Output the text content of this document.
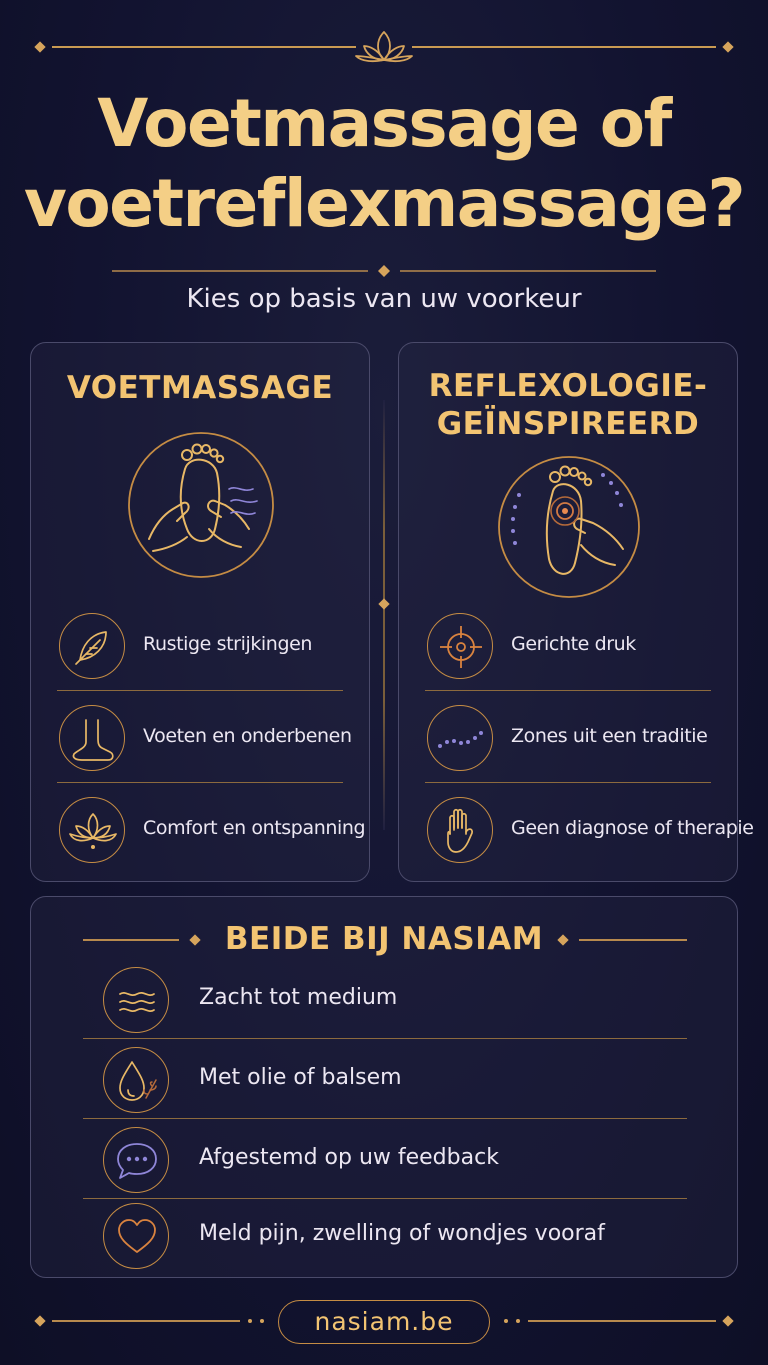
Voetmassage of
voetreflexmassage?
Kies op basis van uw voorkeur
VOETMASSAGE
Rustige strijkingen
Voeten en onderbenen
Comfort en ontspanning
REFLEXOLOGIE-
GEÏNSPIREERD
Gerichte druk
Zones uit een traditie
Geen diagnose of therapie
BEIDE BIJ NASIAM
Zacht tot medium
Met olie of balsem
Afgestemd op uw feedback
Meld pijn, zwelling of wondjes vooraf
nasiam.be
